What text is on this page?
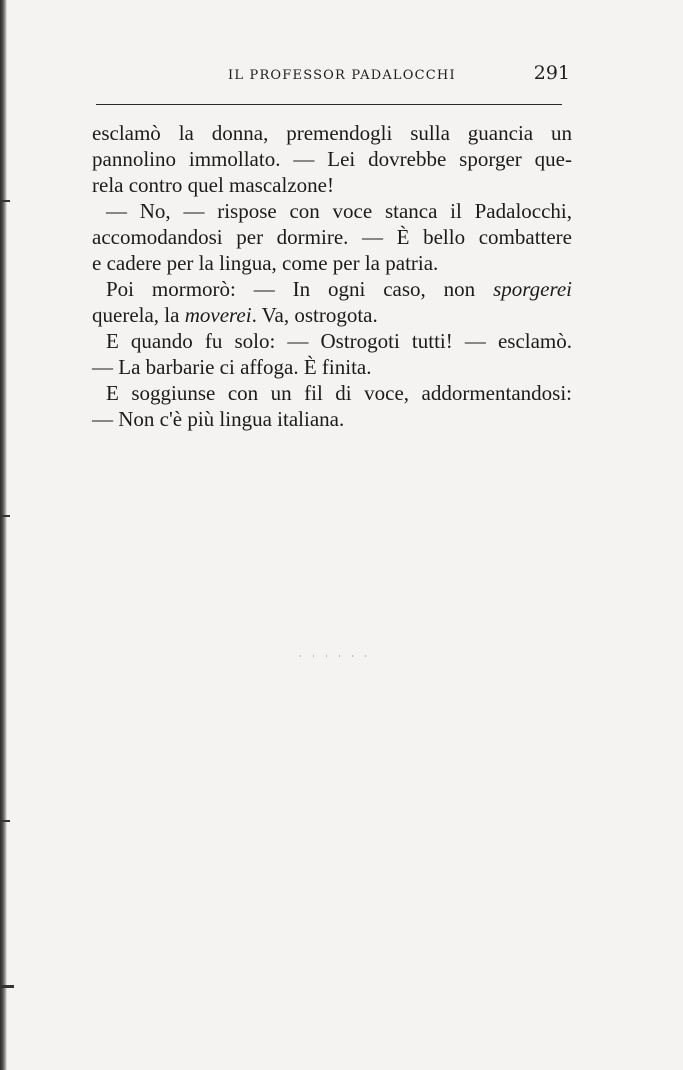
IL PROFESSOR PADALOCCHI	291
esclamò la donna, premendogli sulla guancia un
pannolino immollato. — Lei dovrebbe sporger que-
rela contro quel mascalzone!
— No, — rispose con voce stanca il Padalocchi,
accomodandosi per dormire. — È bello combattere
e cadere per la lingua, come per la patria.
Poi mormorò: — In ogni caso, non sporgerei
querela, la moverei. Va, ostrogota.
E quando fu solo: — Ostrogoti tutti! — esclamò.
— La barbarie ci affoga. È finita.
E soggiunse con un fil di voce, addormentandosi:
— Non c'è più lingua italiana.
· · · · · ·
